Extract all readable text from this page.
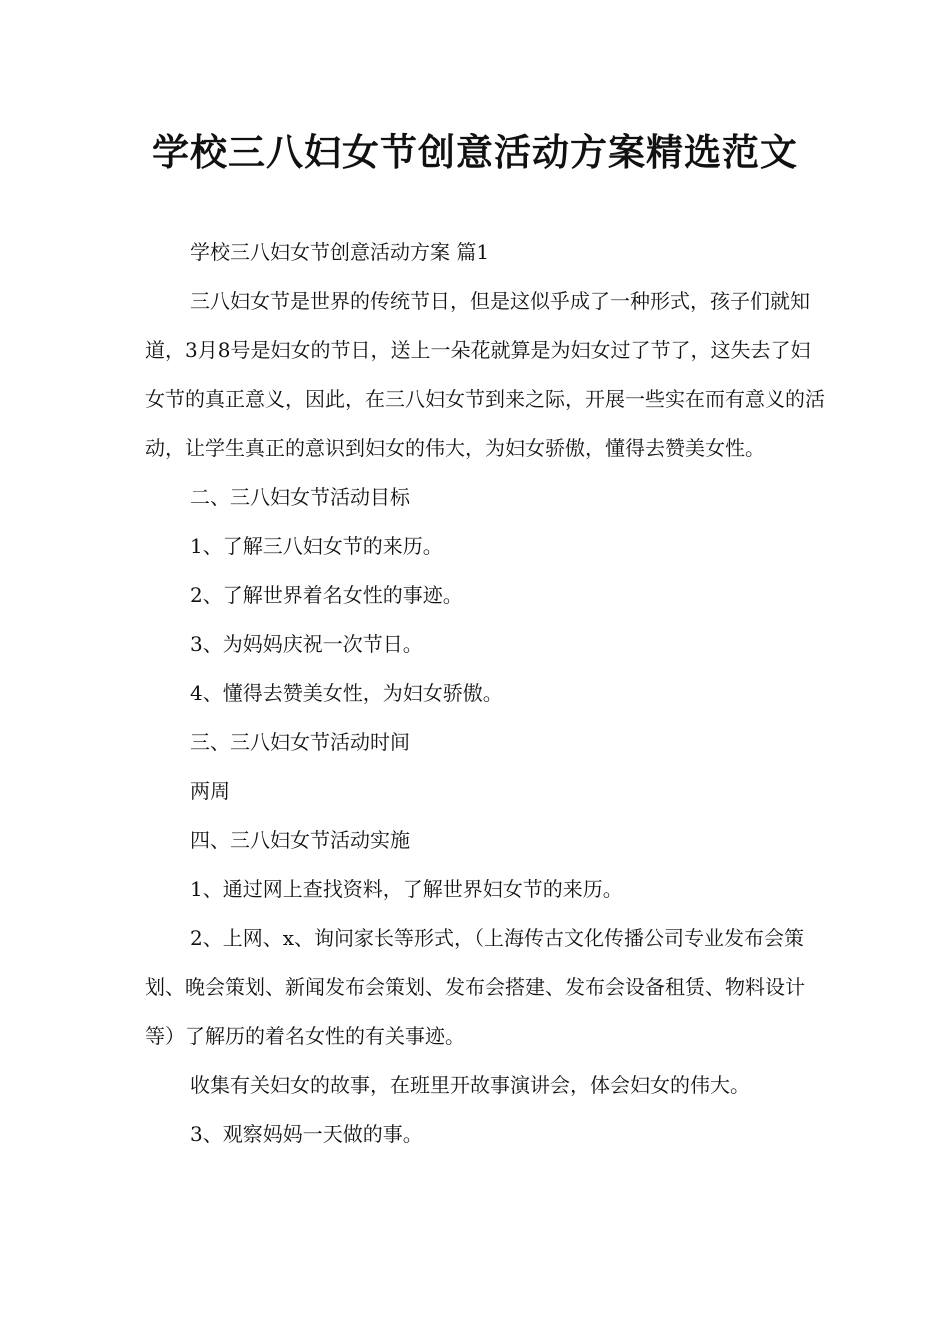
学校三八妇女节创意活动方案精选范文

学校三八妇女节创意活动方案 篇1

三八妇女节是世界的传统节日，但是这似乎成了一种形式，孩子们就知道，3月8号是妇女的节日，送上一朵花就算是为妇女过了节了，这失去了妇女节的真正意义，因此，在三八妇女节到来之际，开展一些实在而有意义的活动，让学生真正的意识到妇女的伟大，为妇女骄傲，懂得去赞美女性。

二、三八妇女节活动目标

1、了解三八妇女节的来历。

2、了解世界着名女性的事迹。

3、为妈妈庆祝一次节日。

4、懂得去赞美女性，为妇女骄傲。

三、三八妇女节活动时间

两周

四、三八妇女节活动实施

1、通过网上查找资料，了解世界妇女节的来历。

2、上网、x、询问家长等形式，（上海传古文化传播公司专业发布会策划、晚会策划、新闻发布会策划、发布会搭建、发布会设备租赁、物料设计等）了解历的着名女性的有关事迹。

收集有关妇女的故事，在班里开故事演讲会，体会妇女的伟大。

3、观察妈妈一天做的事。
